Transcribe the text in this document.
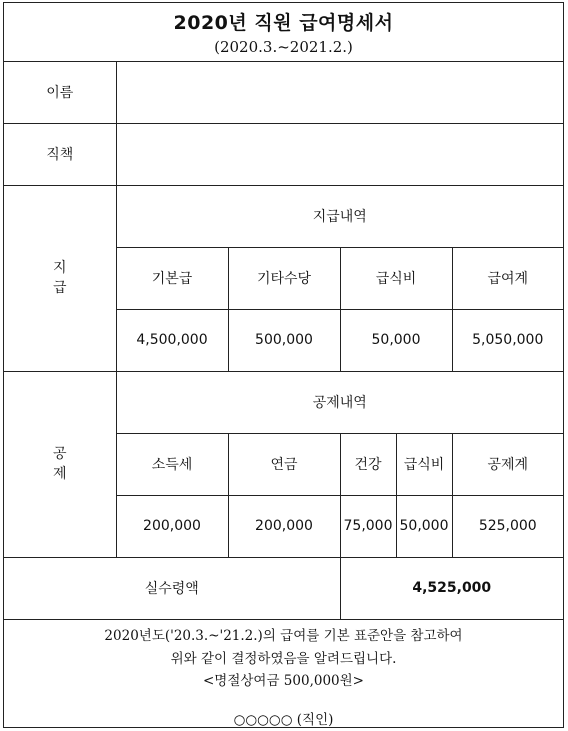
2020년 직원 급여명세서
(2020.3.~2021.2.)
이름					
직책					

지
급	지급내역				
	기본급	기타수당	급식비		급여계
	4,500,000	500,000	50,000		5,050,000

공
제	공제내역				
	소득세	연금	건강	급식비	공제계
	200,000	200,000	75,000	50,000	525,000
실수령액			4,525,000		
2020년도('20.3.~'21.2.)의 급여를 기본 표준안을 참고하여
위와 같이 결정하였음을 알려드립니다.
<명절상여금 500,000원>
○○○○○ (직인)
